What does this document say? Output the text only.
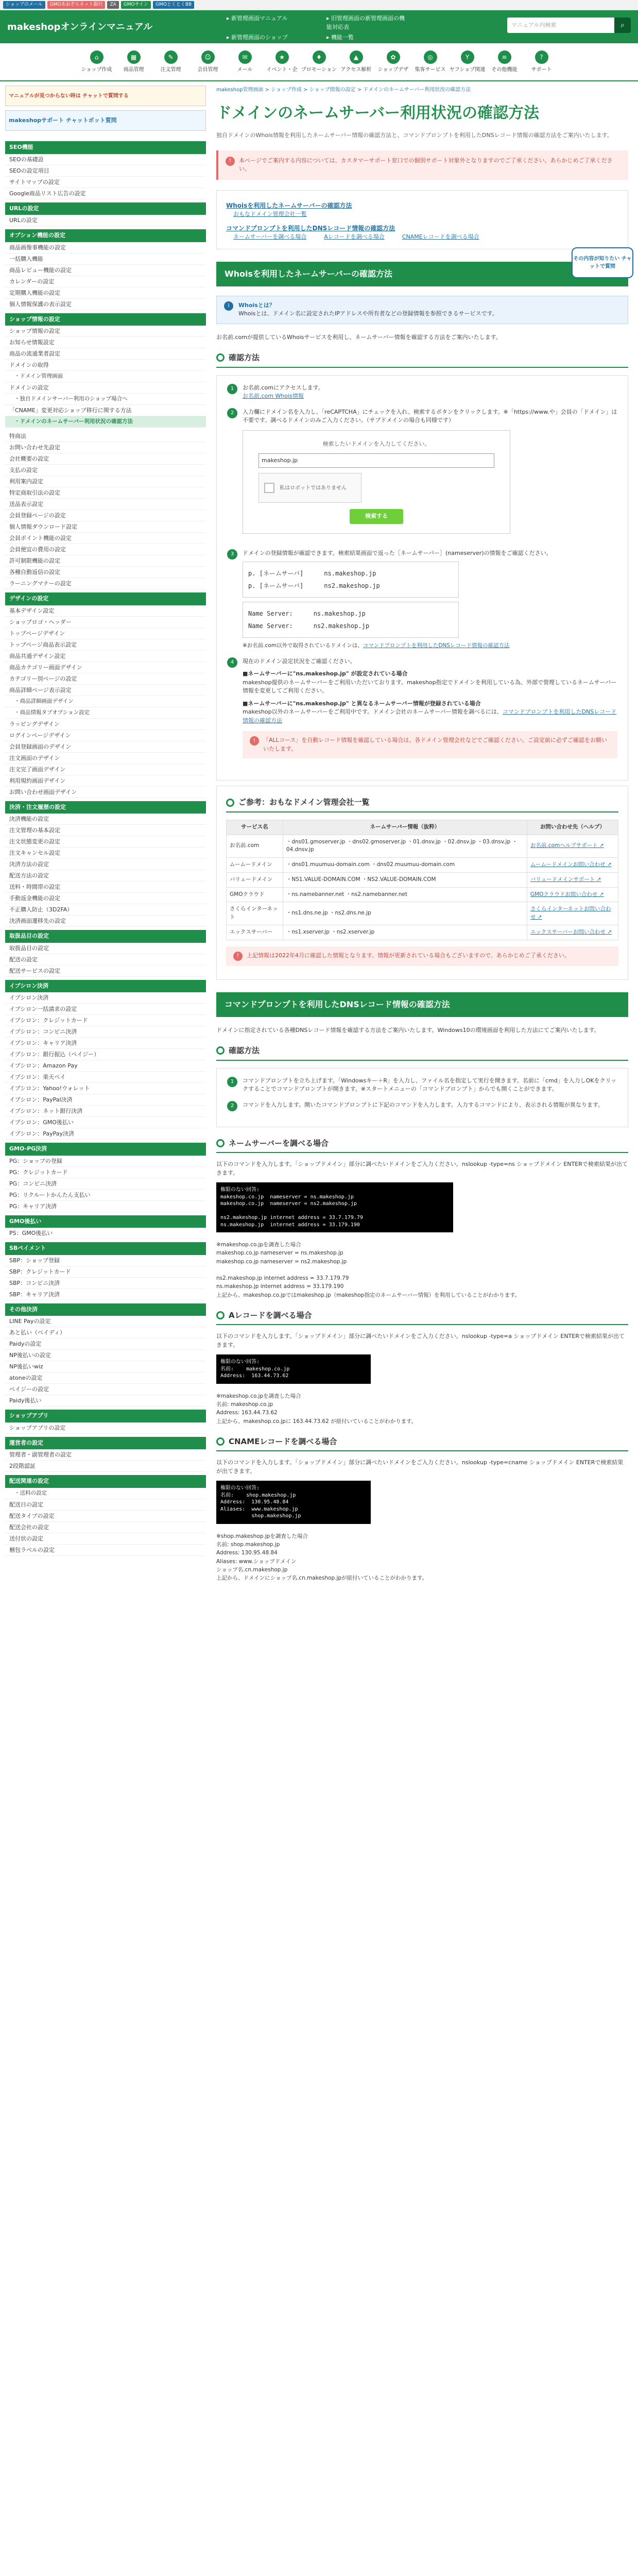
ショップのメール	GMOあおぞらネット銀行	ZA	GMOサイン	GMOとくとくBB
makeshopオンラインマニュアル
▸ 新管理画面マニュアル	▸ 旧管理画面の新管理画面の機能対応表
▸ 新管理画面のショップ	▸ 機能一覧
▸ よくある質問	▸ 操作状態についてる
マニュアル内検索	⌕
⌂
ショップ作成
▦
商品管理
✎
注文管理
☺
会員管理
✉
メール
★
イベント・企
♦
プロモーション
▲
アクセス解析
✿
ショップデザ
◎
集客サービス
Y
ヤフショプ関連
≡
その他機能
?
サポート
マニュアルが見つからない時は チャットで質問する
makeshopサポート チャットボット質問
SEO機能
SEOの基礎設
SEOの設定項目
サイトマップの設定
Google商品リスト広告の設定
URLの設定
URLの設定
オプション機能の設定
商品画像事機能の設定
一括購入機能
商品レビュー機能の設定
カレンダーの設定
定期購入機能の設定
個人情報保護の表示設定
ショップ情報の設定
ショップ情報の設定
お知らせ情報設定
商品の流通業者設定
ドメインの取得
・ドメイン管理画面
ドメインの設定
・独自ドメインサーバー利用のショップ場合へ
「CNAME」変更対応ショップ移行に関する方法
・ドメインのネームサーバー利用状況の確認方法
特商法
お問い合わせ先設定
会社概要の設定
支払の設定
利用案内設定
特定商取引法の設定
送品表示設定
会員登録ページの設定
個人情報ダウンロード設定
会員ポイント機能の設定
会員便宜の費用の設定
許可制限機能の設定
各種自動返信の設定
ラーニングマナーの設定
デザインの設定
基本デザイン設定
ショップロゴ・ヘッダー
トップページデザイン
トップページ商品表示設定
商品共通デザイン設定
商品カテゴリー画面デザイン
カテゴリー別ページの設定
商品詳細ページ表示設定
・商品詳細画面デザイン
・商品情報タブオプション設定
ラッピングデザイン
ログインページデザイン
会員登録画面のデザイン
注文画面のデザイン
注文完了画面デザイン
利用規約画面デザイン
お問い合わせ画面デザイン
決済・注文履歴の設定
決済機能の設定
注文管理の基本設定
注文状態変更の設定
注文キャンセル設定
決済方法の設定
配送方法の設定
送料・時間帯の設定
手動返金機能の設定
不正購入防止（3D2FA）
決済画面遷移先の設定
取扱品目の設定
取扱品目の設定
配送の設定
配送サービスの設定
イプシロン決済
イプシロン決済
イプシロン一括請求の設定
イプシロン：クレジットカード
イプシロン：コンビニ決済
イプシロン：キャリア決済
イプシロン：銀行振込（ペイジー）
イプシロン：Amazon Pay
イプシロン：楽天ペイ
イプシロン：Yahoo!ウォレット
イプシロン：PayPal決済
イプシロン：ネット銀行決済
イプシロン：GMO後払い
イプシロン：PayPay決済
GMO-PG決済
PG：ショップの登録
PG：クレジットカード
PG：コンビニ決済
PG：リクルートかんたん支払い
PG：キャリア決済
GMO後払い
PS：GMO後払い
SBペイメント
SBP：ショップ登録
SBP：クレジットカード
SBP：コンビニ決済
SBP：キャリア決済
その他決済
LINE Payの設定
あと払い（ペイディ）
Paidyの設定
NP後払いの設定
NP後払いwiz
atoneの設定
ペイジーの設定
Paidy後払い
ショップアプリ
ショップアプリの設定
運営者の設定
管理者・副管理者の設定
2段階認証
配送関連の設定
・送料の設定
配送日の設定
配送タイプの設定
配送会社の設定
送付状の設定
梱包ラベルの設定
makeshop管理画面 > ショップ作成 > ショップ情報の設定 > ドメインのネームサーバー利用状況の確認方法
ドメインのネームサーバー利用状況の確認方法
独自ドメインのWhois情報を利用したネームサーバー情報の確認方法と、コマンドプロンプトを利用したDNSレコード情報の確認方法をご案内いたします。
!	本ページでご案内する内容については、カスタマーサポート窓口での個別サポート対象外となりますのでご了承ください。あらかじめご了承ください。
Whoisを利用したネームサーバーの確認方法
おもなドメイン管理会社一覧
コマンドプロンプトを利用したDNSレコード情報の確認方法
ネームサーバーを調べる場合	Aレコードを調べる場合	CNAMEレコードを調べる場合
Whoisを利用したネームサーバーの確認方法
その内容が知りたい チャットで質問
i	Whoisとは？
Whoisとは、ドメイン名に設定されたIPアドレスや所有者などの登録情報を参照できるサービスです。
お名前.comが提供しているWhoisサービスを利用し、ネームサーバー情報を確認する方法をご案内いたします。
確認方法
1	お名前.comにアクセスします。
お名前.com Whois情報
2	入力欄にドメイン名を入力し、「reCAPTCHA」にチェックを入れ、検索するボタンをクリックします。※「https://www.や」会員の「ドメイン」は不要です。調べるドメインのみご入力ください。（サブドメインの場合も同様です）
検索したいドメインを入力してください。
makeshop.jp
私はロボットではありません
検索する
3	ドメインの登録情報が確認できます。検索結果画面で返った［ネームサーバー］(nameserver)の情報をご確認ください。
p. [ネームサーバ]	ns.makeshop.jp
p. [ネームサーバ]	ns2.makeshop.jp
Name Server:	ns.makeshop.jp
Name Server:	ns2.makeshop.jp
※お名前.com以外で取得されているドメインは、コマンドプロンプトを利用したDNSレコード情報の確認方法
4	現在のドメイン設定状況をご確認ください。
■ネームサーバーに"ns.makeshop.jp" が設定されている場合
makeshop提供のネームサーバーをご利用いただいております。makeshop指定でドメインを利用している為、外部で管理しているネームサーバー情報を変更してご利用ください。
■ネームサーバーに"ns.makeshop.jp" と異なるネームサーバー情報が登録されている場合
makeshop以外のネームサーバーをご利用中です。ドメイン会社のネームサーバー情報を調べるには、コマンドプロンプトを利用したDNSレコード情報の確認方法
!	「ALLコース」を自動レコード情報を確認している場合は、各ドメイン管理会社などでご確認ください。ご設定前に必ずご確認をお願いいたします。
ご参考：おもなドメイン管理会社一覧
サービス名	ネームサーバー情報（抜粋）	お問い合わせ先（ヘルプ）
お名前.com	・dns01.gmoserver.jp ・dns02.gmoserver.jp ・01.dnsv.jp ・02.dnsv.jp ・03.dnsv.jp ・04.dnsv.jp	お名前.comヘルプサポート ↗
ムームードメイン	・dns01.muumuu-domain.com ・dns02.muumuu-domain.com	ムームードメインお問い合わせ ↗
バリュードメイン	・NS1.VALUE-DOMAIN.COM ・NS2.VALUE-DOMAIN.COM	バリュードメインサポート ↗
GMOクラウド	・ns.namebanner.net ・ns2.namebanner.net	GMOクラウドお問い合わせ ↗
さくらインターネット	・ns1.dns.ne.jp ・ns2.dns.ne.jp	さくらインターネットお問い合わせ ↗
エックスサーバー	・ns1.xserver.jp ・ns2.xserver.jp	エックスサーバーお問い合わせ ↗
!	上記情報は2022年4月に確認した情報となります。情報が更新されている場合もございますので、あらかじめご了承ください。
コマンドプロンプトを利用したDNSレコード情報の確認方法
ドメインに指定されている各種DNSレコード情報を確認する方法をご案内いたします。Windows10の環境画面を利用した方法にてご案内いたします。
確認方法
1	コマンドプロンプトを立ち上げます。「Windowsキー＋R」を入力し、ファイル名を指定して実行を開きます。名前に「cmd」を入力しOKをクリックすることでコマンドプロンプトが開きます。※スタートメニューの「コマンドプロンプト」からでも開くことができます。
2	コマンドを入力します。開いたコマンドプロンプトに下記のコマンドを入力します。入力するコマンドにより、表示される情報が異なります。
ネームサーバーを調べる場合
以下のコマンドを入力します。「ショップドメイン」部分に調べたいドメインをご入力ください。nslookup -type=ns ショップドメイン ENTERで検索結果が出てきます。
権限のない回答:
makeshop.co.jp  nameserver = ns.makeshop.jp
makeshop.co.jp  nameserver = ns2.makeshop.jp

ns2.makeshop.jp internet address = 33.7.179.79
ns.makeshop.jp  internet address = 33.179.190
※makeshop.co.jpを調査した場合
makeshop.co.jp nameserver = ns.makeshop.jp
makeshop.co.jp nameserver = ns2.makeshop.jp

ns2.makeshop.jp internet address = 33.7.179.79
ns.makeshop.jp internet address = 33.179.190
上記から、makeshop.co.jpではmakeshop.jp（makeshop指定のネームサーバー情報）を利用していることがわかります。
Aレコードを調べる場合
以下のコマンドを入力します。「ショップドメイン」部分に調べたいドメインをご入力ください。nslookup -type=a ショップドメイン ENTERで検索結果が出てきます。
権限のない回答:
名前:    makeshop.co.jp
Address:  163.44.73.62
※makeshop.co.jpを調査した場合
名前: makeshop.co.jp
Address: 163.44.73.62
上記から、makeshop.co.jpに 163.44.73.62 が紐付いていることがわかります。
CNAMEレコードを調べる場合
以下のコマンドを入力します。「ショップドメイン」部分に調べたいドメインをご入力ください。nslookup -type=cname ショップドメイン ENTERで検索結果が出てきます。
権限のない回答:
名前:    shop.makeshop.jp
Address:  130.95.48.84
Aliases:  www.makeshop.jp
shop.makeshop.jp
※shop.makeshop.jpを調査した場合
名前: shop.makeshop.jp
Address: 130.95.48.84
Aliases: www.ショップドメイン
ショップ名.cn.makeshop.jp
上記から、ドメインにショップ名.cn.makeshop.jpが紐付いていることがわかります。
